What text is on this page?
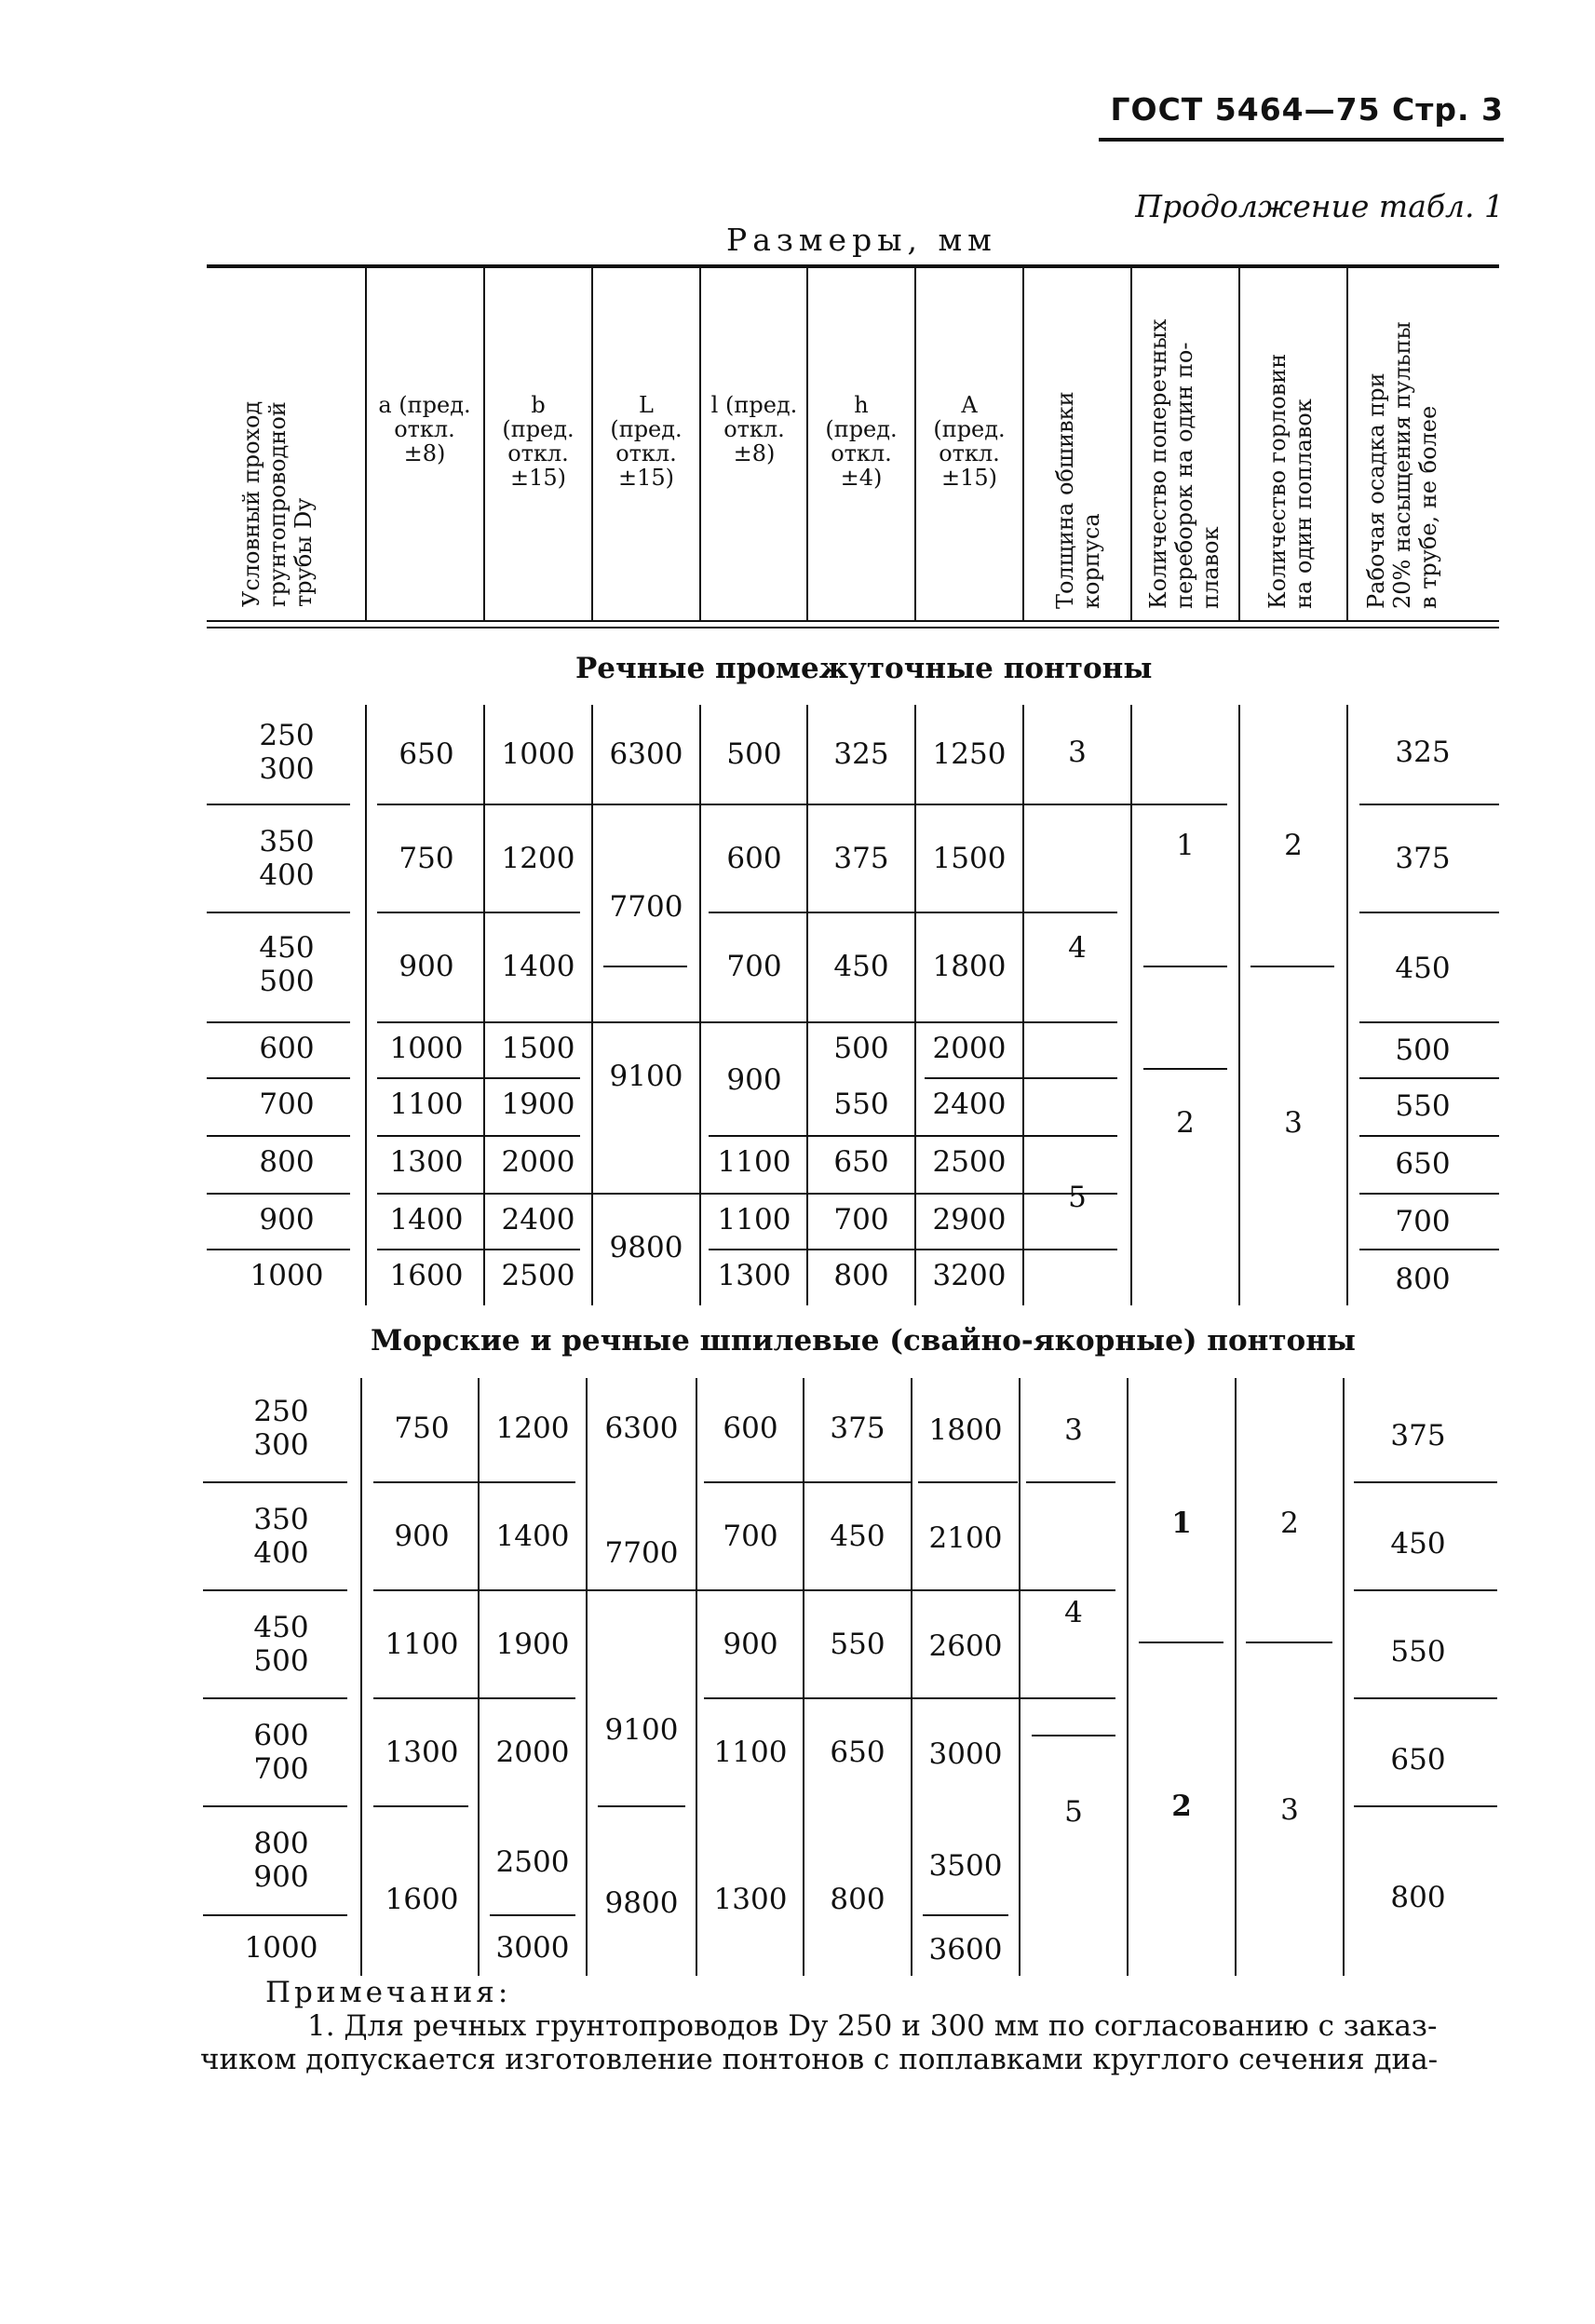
ГОСТ 5464—75 Стр. 3
Продолжение табл. 1
Размеры, мм
Условный проход грунтопроводной трубы Dу
a (пред. откл. ±8)
b (пред. откл. ±15)
L (пред. откл. ±15)
l (пред. откл. ±8)
h (пред. откл. ±4)
A (пред. откл. ±15)	Толщина обшивки корпуса Количество поперечных переборок на один по- плавок Количество горловин на один поплавок Рабочая осадка при 20% насыщения пульпы в трубе, не более
Речные промежуточные понтоны
250
300
350
400
450
500
600
700
800
900
1000
650
750
900
1000
1100
1300
1400
1600
1000
1200
1400
1500
1900
2000
2400
2500
6300
7700
9100
9800
500
600
700
900
1100
1100
1300
325
375
450
500
550
650
700
800
1250
1500
1800
2000
2400
2500
2900
3200
3
4
5
1
2
2
3
325
375
450
500
550
650
700
800
Морские и речные шпилевые (свайно-якорные) понтоны
250
300
350
400
450
500
600
700
800
900
1000
750
900
1100
1300
1600
1200
1400
1900
2000
2500
3000
6300
7700
9100
9800
600
700
900
1100
1300
375
450
550
650
800
1800
2100
2600
3000
3500
3600
3
4
5
1
2
2
3
375
450
550
650
800
Примечания:
1. Для речных грунтопроводов Dу 250 и 300 мм по согласованию с заказ-
чиком допускается изготовление понтонов с поплавками круглого сечения диа-
